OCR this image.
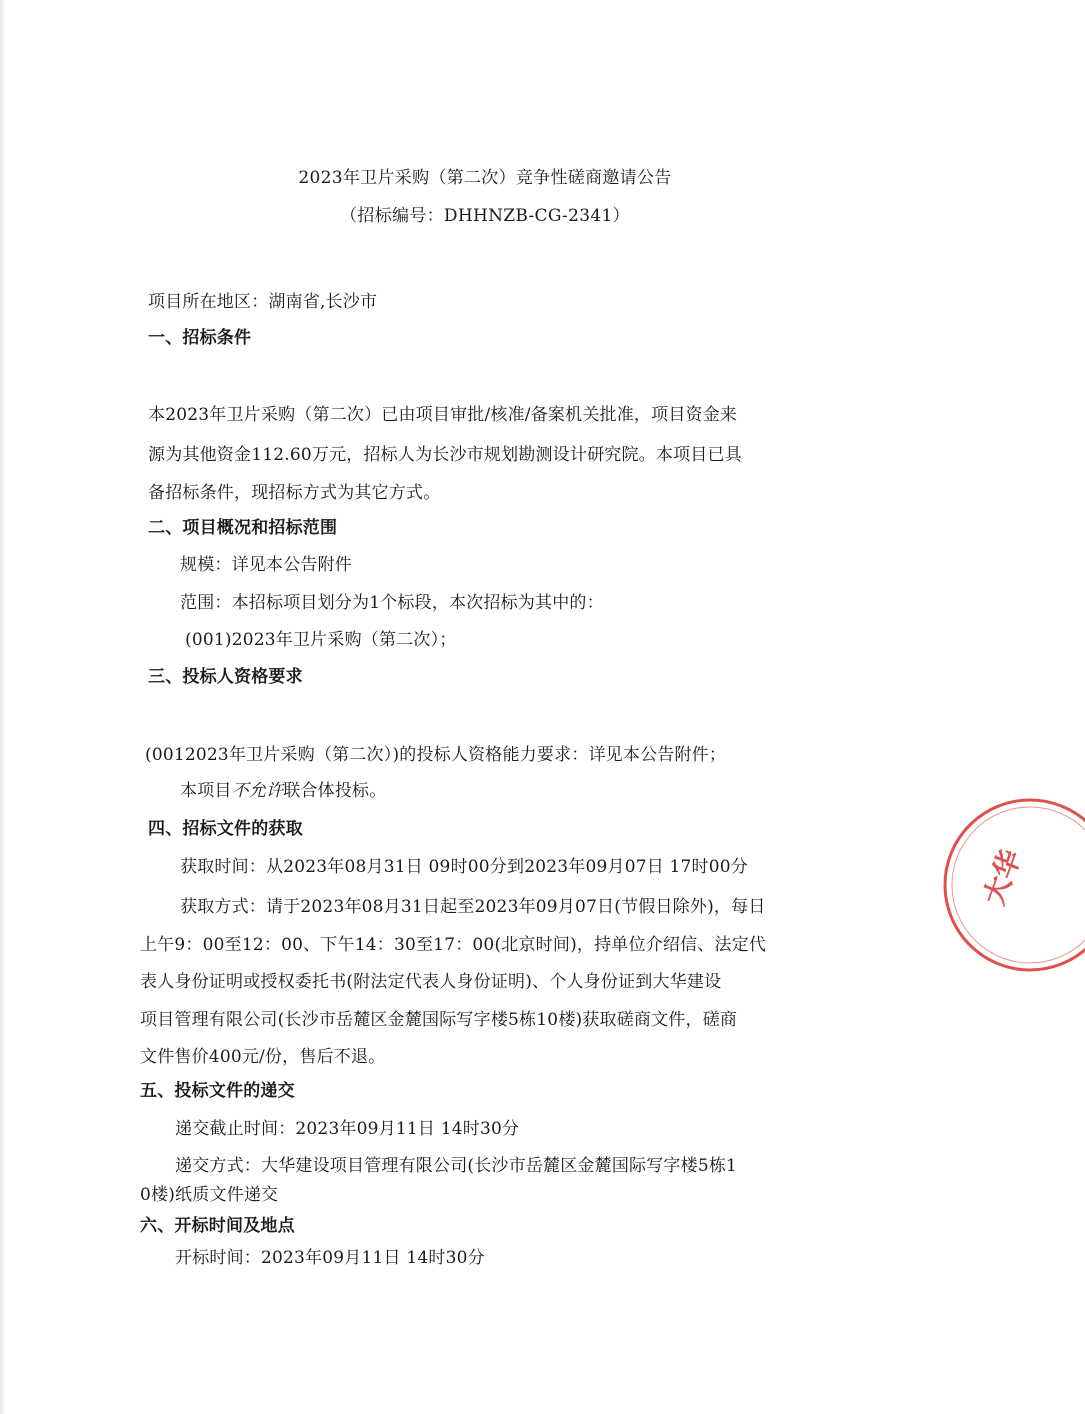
2023年卫片采购（第二次）竞争性磋商邀请公告
（招标编号：DHHNZB-CG-2341）
项目所在地区：湖南省,长沙市
一、招标条件
本2023年卫片采购（第二次）已由项目审批/核准/备案机关批准，项目资金来
源为其他资金112.60万元，招标人为长沙市规划勘测设计研究院。本项目已具
备招标条件，现招标方式为其它方式。
二、项目概况和招标范围
规模：详见本公告附件
范围：本招标项目划分为1个标段，本次招标为其中的：
(001)2023年卫片采购（第二次）；
三、投标人资格要求
(0012023年卫片采购（第二次）)的投标人资格能力要求：详见本公告附件；
本项目不允许联合体投标。
四、招标文件的获取
获取时间：从2023年08月31日 09时00分到2023年09月07日 17时00分
获取方式：请于2023年08月31日起至2023年09月07日(节假日除外)，每日
上午9：00至12：00、下午14：30至17：00(北京时间)，持单位介绍信、法定代
表人身份证明或授权委托书(附法定代表人身份证明)、个人身份证到大华建设
项目管理有限公司(长沙市岳麓区金麓国际写字楼5栋10楼)获取磋商文件，磋商
文件售价400元/份，售后不退。
五、投标文件的递交
递交截止时间：2023年09月11日 14时30分
递交方式：大华建设项目管理有限公司(长沙市岳麓区金麓国际写字楼5栋1
0楼)纸质文件递交
六、开标时间及地点
开标时间：2023年09月11日 14时30分
大华
